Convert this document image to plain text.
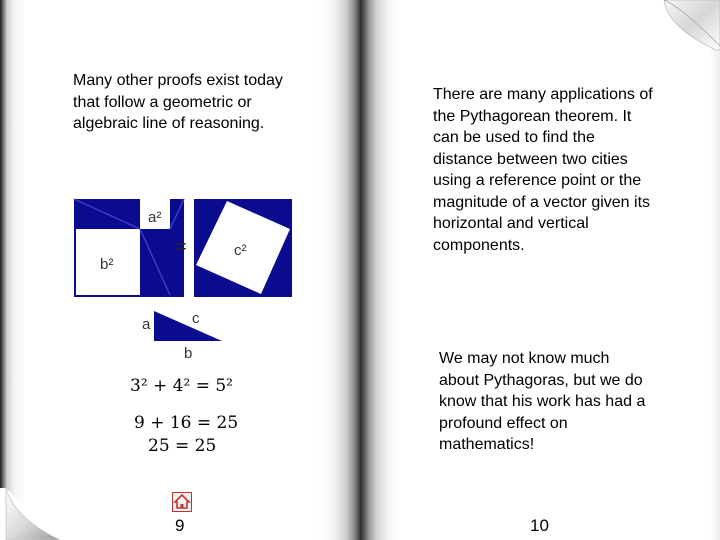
Many other proofs exist today that follow a geometric or algebraic line of reasoning.

a²
b²
=	c²
a	c
b
3² + 4² = 5²
9 + 16 = 25
25 = 25
9

There are many applications of the Pythagorean theorem. It can be used to find the distance between two cities using a reference point or the magnitude of a vector given its horizontal and vertical components.

We may not know much about Pythagoras, but we do know that his work has had a profound effect on mathematics!

10
